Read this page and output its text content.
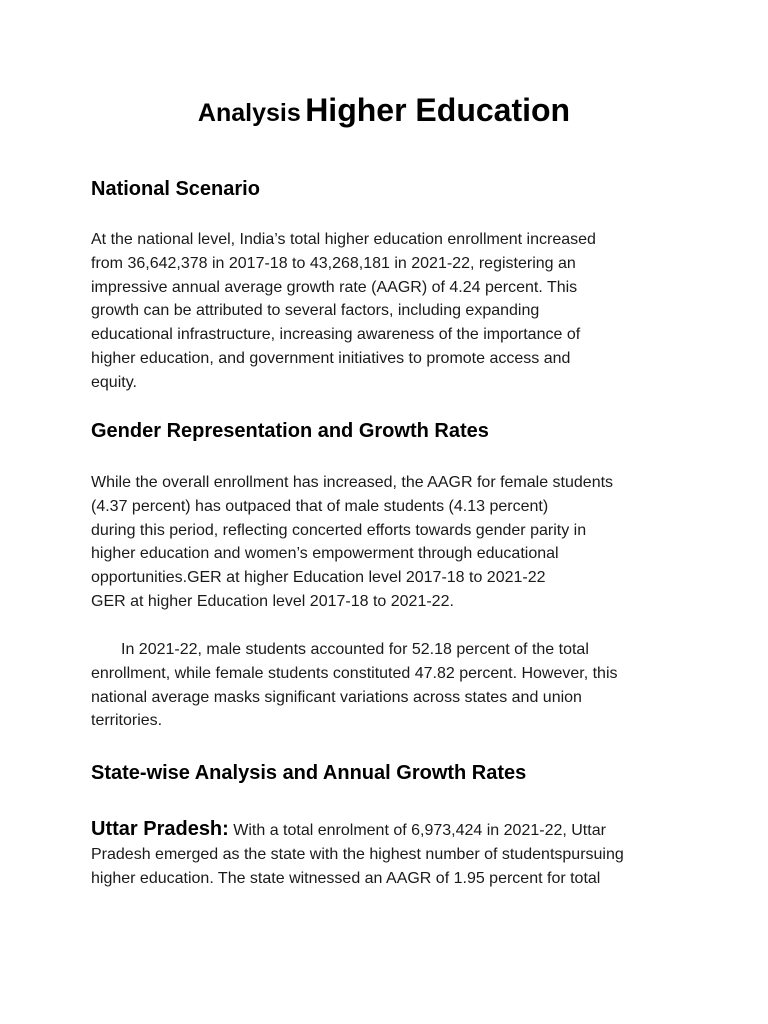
Analysis Higher Education
National Scenario
At the national level, India’s total higher education enrollment increased
from 36,642,378 in 2017-18 to 43,268,181 in 2021-22, registering an
impressive annual average growth rate (AAGR) of 4.24 percent. This
growth can be attributed to several factors, including expanding
educational infrastructure, increasing awareness of the importance of
higher education, and government initiatives to promote access and
equity.
Gender Representation and Growth Rates
While the overall enrollment has increased, the AAGR for female students
(4.37 percent) has outpaced that of male students (4.13 percent)
during this period, reflecting concerted efforts towards gender parity in
higher education and women’s empowerment through educational
opportunities.GER at higher Education level 2017-18 to 2021-22
GER at higher Education level 2017-18 to 2021-22.
In 2021-22, male students accounted for 52.18 percent of the total
enrollment, while female students constituted 47.82 percent. However, this
national average masks significant variations across states and union
territories.
State-wise Analysis and Annual Growth Rates
Uttar Pradesh: With a total enrolment of 6,973,424 in 2021-22, Uttar
Pradesh emerged as the state with the highest number of studentspursuing
higher education. The state witnessed an AAGR of 1.95 percent for total
